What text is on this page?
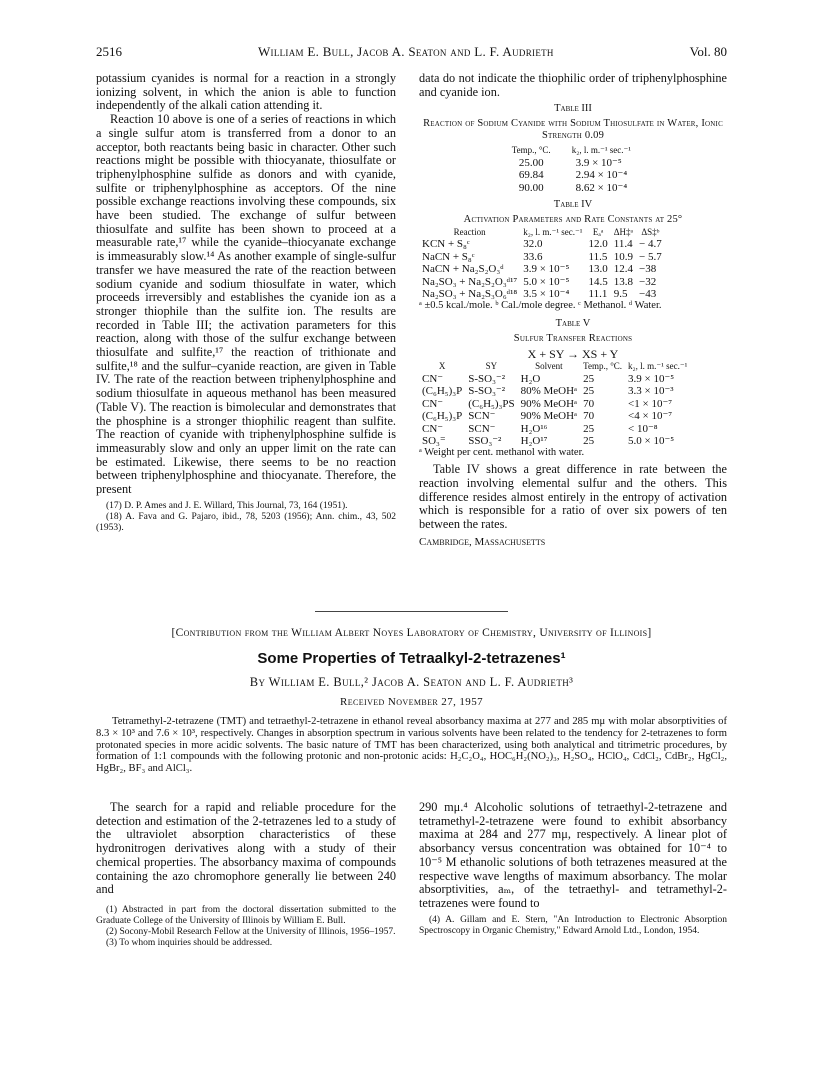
2516	William E. Bull, Jacob A. Seaton and L. F. Audrieth	Vol. 80

potassium cyanides is normal for a reaction in a strongly ionizing solvent, in which the anion is able to function independently of the alkali cation attending it.

Reaction 10 above is one of a series of reactions in which a single sulfur atom is transferred from a donor to an acceptor, both reactants being basic in character. Other such reactions might be possible with thiocyanate, thiosulfate or triphenylphosphine sulfide as donors and with cyanide, sulfite or triphenylphosphine as acceptors. Of the nine possible exchange reactions involving these compounds, six have been studied. The exchange of sulfur between thiosulfate and sulfite has been shown to proceed at a measurable rate,¹⁷ while the cyanide–thiocyanate exchange is immeasurably slow.¹⁴ As another example of single-sulfur transfer we have measured the rate of the reaction between sodium cyanide and sodium thiosulfate in water, which proceeds irreversibly and establishes the cyanide ion as a stronger thiophile than the sulfite ion. The results are recorded in Table III; the activation parameters for this reaction, along with those of the sulfur exchange between thiosulfate and sulfite,¹⁷ the reaction of trithionate and sulfite,¹⁸ and the sulfur–cyanide reaction, are given in Table IV. The rate of the reaction between triphenylphosphine and sodium thiosulfate in aqueous methanol has been measured (Table V). The reaction is bimolecular and demonstrates that the phosphine is a stronger thiophilic reagent than sulfite. The reaction of cyanide with triphenylphosphine sulfide is immeasurably slow and only an upper limit on the rate can be estimated. Likewise, there seems to be no reaction between triphenylphosphine and thiocyanate. Therefore, the present

(17) D. P. Ames and J. E. Willard, This Journal, 73, 164 (1951).

(18) A. Fava and G. Pajaro, ibid., 78, 5203 (1956); Ann. chim., 43, 502 (1953).

data do not indicate the thiophilic order of triphenylphosphine and cyanide ion.

Table III
Reaction of Sodium Cyanide with Sodium Thiosulfate in Water, Ionic Strength 0.09
Temp., °C.	k₂, l. m.⁻¹ sec.⁻¹
25.00	3.9 × 10⁻⁵
69.84	2.94 × 10⁻⁴
90.00	8.62 × 10⁻⁴
Table IV
Activation Parameters and Rate Constants at 25°
Reaction	k₂, l. m.⁻¹ sec.⁻¹	Eₐᵃ	ΔH‡ᵃ	ΔS‡ᵇ
KCN + S₈ᶜ	32.0	12.0	11.4	− 4.7
NaCN + S₈ᶜ	33.6	11.5	10.9	− 5.7
NaCN + Na₂S₂O₃ᵈ	3.9 × 10⁻⁵	13.0	12.4	−38
Na₂SO₃ + Na₂S₂O₃ᵈ¹⁷	5.0 × 10⁻⁵	14.5	13.8	−32
Na₂SO₃ + Na₂S₃O₆ᵈ¹⁸	3.5 × 10⁻⁴	11.1	9.5	−43
ᵃ ±0.5 kcal./mole. ᵇ Cal./mole degree. ᶜ Methanol. ᵈ Water.
Table V
Sulfur Transfer Reactions
X + SY → XS + Y
X	SY	Solvent	Temp., °C.	k₂, l. m.⁻¹ sec.⁻¹
CN⁻	S-SO₃⁻²	H₂O	25	3.9 × 10⁻⁵
(C₆H₅)₃P	S-SO₃⁻²	80% MeOHᵃ	25	3.3 × 10⁻³
CN⁻	(C₆H₅)₃PS	90% MeOHᵃ	70	<1 × 10⁻⁷
(C₆H₅)₃P	SCN⁻	90% MeOHᵃ	70	<4 × 10⁻⁷
CN⁻	SCN⁻	H₂O¹⁶	25	< 10⁻⁸
SO₃⁼	SSO₃⁻²	H₂O¹⁷	25	5.0 × 10⁻⁵
ᵃ Weight per cent. methanol with water.

Table IV shows a great difference in rate between the reaction involving elemental sulfur and the others. This difference resides almost entirely in the entropy of activation which is responsible for a ratio of over six powers of ten between the rates.

Cambridge, Massachusetts
[Contribution from the William Albert Noyes Laboratory of Chemistry, University of Illinois]
Some Properties of Tetraalkyl-2-tetrazenes¹
By William E. Bull,² Jacob A. Seaton and L. F. Audrieth³
Received November 27, 1957
Tetramethyl-2-tetrazene (TMT) and tetraethyl-2-tetrazene in ethanol reveal absorbancy maxima at 277 and 285 mμ with molar absorptivities of 8.3 × 10³ and 7.6 × 10³, respectively. Changes in absorption spectrum in various solvents have been related to the tendency for 2-tetrazenes to form protonated species in more acidic solvents. The basic nature of TMT has been characterized, using both analytical and titrimetric procedures, by formation of 1:1 compounds with the following protonic and non-protonic acids: H₂C₂O₄, HOC₆H₂(NO₂)₃, H₂SO₄, HClO₄, CdCl₂, CdBr₂, HgCl₂, HgBr₂, BF₃ and AlCl₃.

The search for a rapid and reliable procedure for the detection and estimation of the 2-tetrazenes led to a study of the ultraviolet absorption characteristics of these hydronitrogen derivatives along with a study of their chemical properties. The absorbancy maxima of compounds containing the azo chromophore generally lie between 240 and

(1) Abstracted in part from the doctoral dissertation submitted to the Graduate College of the University of Illinois by William E. Bull.

(2) Socony-Mobil Research Fellow at the University of Illinois, 1956–1957.

(3) To whom inquiries should be addressed.

290 mμ.⁴ Alcoholic solutions of tetraethyl-2-tetrazene and tetramethyl-2-tetrazene were found to exhibit absorbancy maxima at 284 and 277 mμ, respectively. A linear plot of absorbancy versus concentration was obtained for 10⁻⁴ to 10⁻⁵ M ethanolic solutions of both tetrazenes measured at the respective wave lengths of maximum absorbancy. The molar absorptivities, aₘ, of the tetraethyl- and tetramethyl-2-tetrazenes were found to

(4) A. Gillam and E. Stern, "An Introduction to Electronic Absorption Spectroscopy in Organic Chemistry," Edward Arnold Ltd., London, 1954.
